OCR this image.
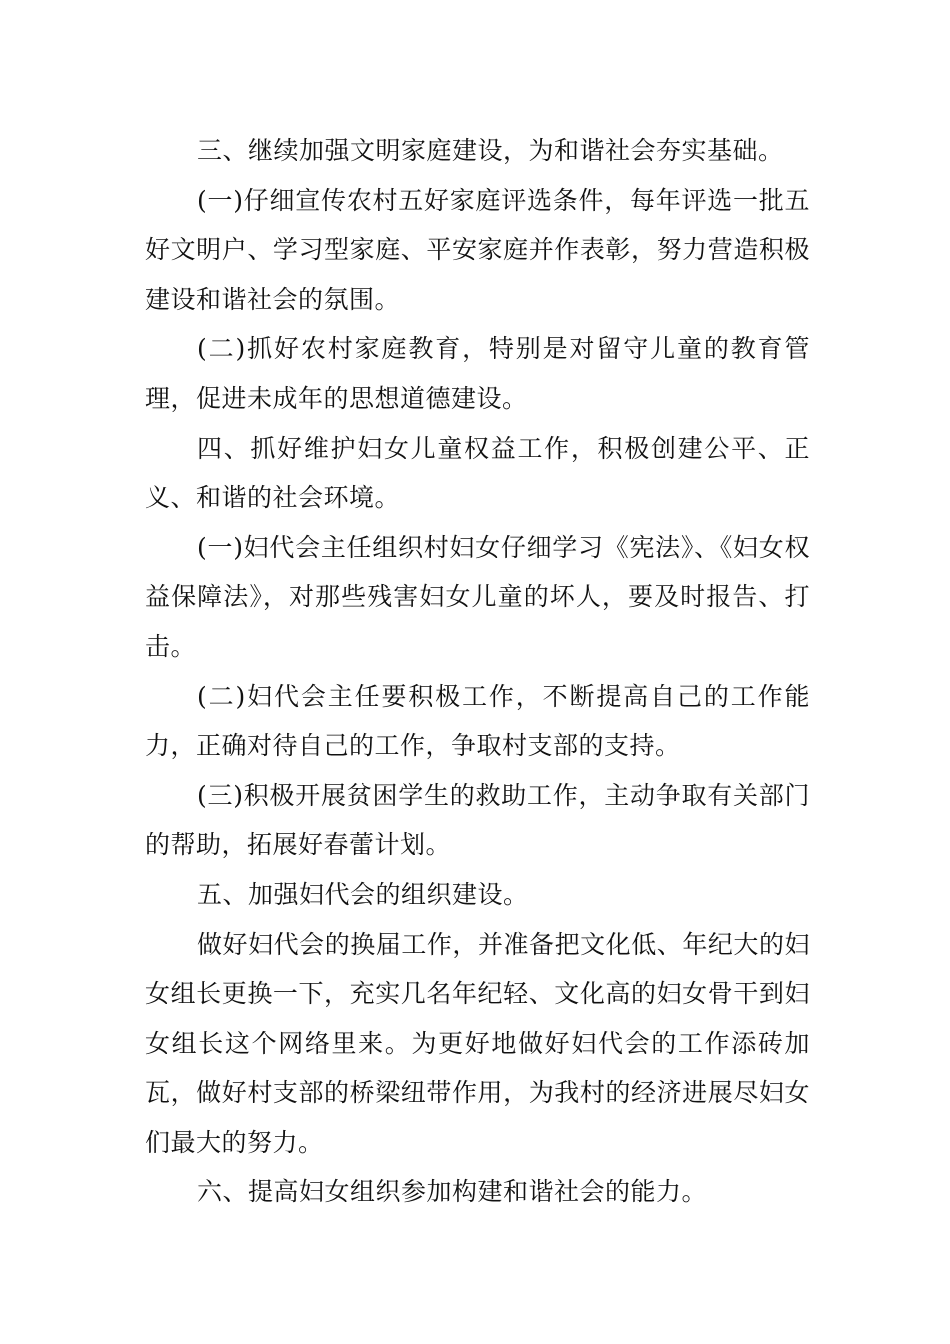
三、继续加强文明家庭建设，为和谐社会夯实基础。

(一)仔细宣传农村五好家庭评选条件，每年评选一批五好文明户、学习型家庭、平安家庭并作表彰，努力营造积极建设和谐社会的氛围。

(二)抓好农村家庭教育，特别是对留守儿童的教育管理，促进未成年的思想道德建设。

四、抓好维护妇女儿童权益工作，积极创建公平、正义、和谐的社会环境。

(一)妇代会主任组织村妇女仔细学习《宪法》、《妇女权益保障法》，对那些残害妇女儿童的坏人，要及时报告、打击。

(二)妇代会主任要积极工作，不断提高自己的工作能力，正确对待自己的工作，争取村支部的支持。

(三)积极开展贫困学生的救助工作，主动争取有关部门的帮助，拓展好春蕾计划。

五、加强妇代会的组织建设。

做好妇代会的换届工作，并准备把文化低、年纪大的妇女组长更换一下，充实几名年纪轻、文化高的妇女骨干到妇女组长这个网络里来。为更好地做好妇代会的工作添砖加瓦，做好村支部的桥梁纽带作用，为我村的经济进展尽妇女们最大的努力。

六、提高妇女组织参加构建和谐社会的能力。
